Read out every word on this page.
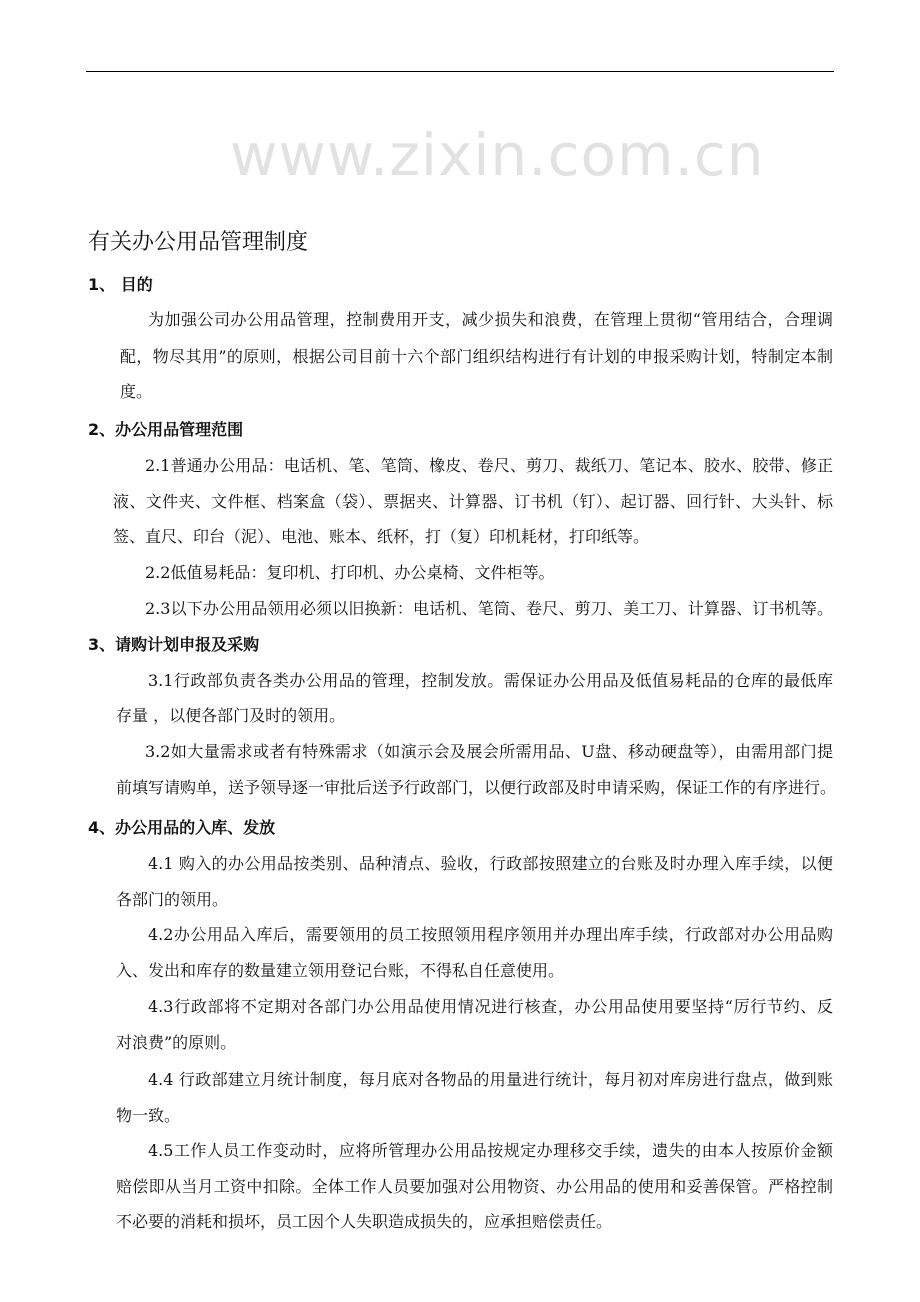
www.zixin.com.cn
有关办公用品管理制度
1、 目的
为加强公司办公用品管理，控制费用开支，减少损失和浪费，在管理上贯彻“管用结合，合理调
配，物尽其用”的原则，根据公司目前十六个部门组织结构进行有计划的申报采购计划，特制定本制
度。
2、办公用品管理范围
2.1普通办公用品：电话机、笔、笔筒、橡皮、卷尺、剪刀、裁纸刀、笔记本、胶水、胶带、修正
液、文件夹、文件框、档案盒（袋）、票据夹、计算器、订书机（钉）、起订器、回行针、大头针、标
签、直尺、印台（泥）、电池、账本、纸杯，打（复）印机耗材，打印纸等。
2.2低值易耗品：复印机、打印机、办公桌椅、文件柜等。
2.3以下办公用品领用必须以旧换新：电话机、笔筒、卷尺、剪刀、美工刀、计算器、订书机等。
3、请购计划申报及采购
3.1行政部负责各类办公用品的管理，控制发放。需保证办公用品及低值易耗品的仓库的最低库
存量 ，以便各部门及时的领用。
3.2如大量需求或者有特殊需求（如演示会及展会所需用品、U盘、移动硬盘等），由需用部门提
前填写请购单，送予领导逐一审批后送予行政部门，以便行政部及时申请采购，保证工作的有序进行。
4、办公用品的入库、发放
4.1 购入的办公用品按类别、品种清点、验收，行政部按照建立的台账及时办理入库手续，以便
各部门的领用。
4.2办公用品入库后，需要领用的员工按照领用程序领用并办理出库手续，行政部对办公用品购
入、发出和库存的数量建立领用登记台账，不得私自任意使用。
4.3行政部将不定期对各部门办公用品使用情况进行核查，办公用品使用要坚持“厉行节约、反
对浪费”的原则。
4.4 行政部建立月统计制度，每月底对各物品的用量进行统计，每月初对库房进行盘点，做到账
物一致。
4.5工作人员工作变动时，应将所管理办公用品按规定办理移交手续，遗失的由本人按原价金额
赔偿即从当月工资中扣除。全体工作人员要加强对公用物资、办公用品的使用和妥善保管。严格控制
不必要的消耗和损坏，员工因个人失职造成损失的，应承担赔偿责任。
